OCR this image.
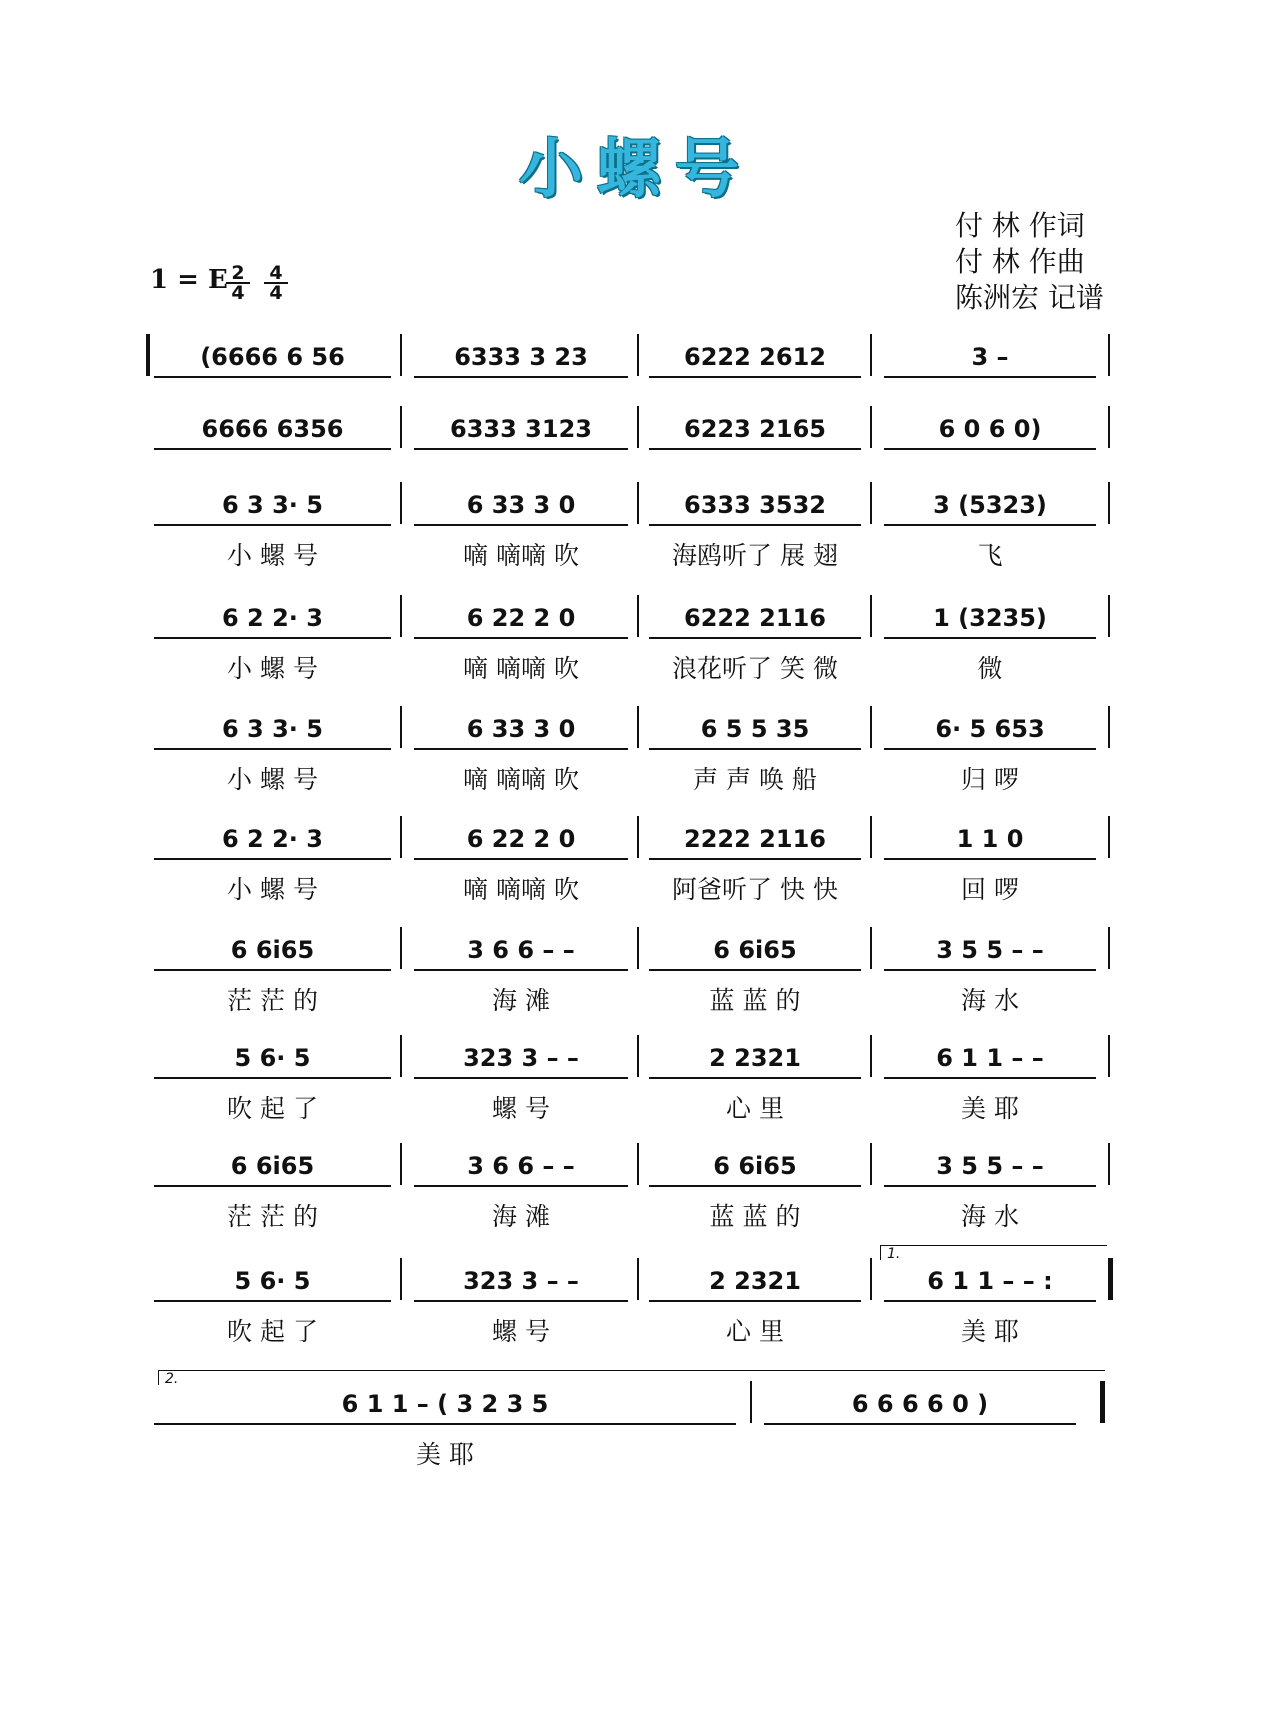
小螺号
付 林 作词
付 林 作曲
陈洲宏 记谱
1 = E 2
4
4
4
(6666 6 56	6333 3 23	6222 2612	3 –
6666 6356	6333 3123	6223 2165	6 0 6 0)
6 3 3· 5	6 33 3 0	6333 3532	3 (5323)
小 螺 号	嘀 嘀嘀 吹	海鸥听了 展 翅	飞
6 2 2· 3	6 22 2 0	6222 2116	1 (3235)
小 螺 号	嘀 嘀嘀 吹	浪花听了 笑 微	微
6 3 3· 5	6 33 3 0	6 5 5 35	6· 5 653
小 螺 号	嘀 嘀嘀 吹	声 声 唤 船	归 啰
6 2 2· 3	6 22 2 0	2222 2116	1 1 0
小 螺 号	嘀 嘀嘀 吹	阿爸听了 快 快	回 啰
6 6i65	3 6 6 – –	6 6i65	3 5 5 – –
茫 茫 的	海 滩	蓝 蓝 的	海 水
5 6· 5	323 3 – –	2 2321	6 1 1 – –
吹 起 了	螺 号	心 里	美 耶
6 6i65	3 6 6 – –	6 6i65	3 5 5 – –
茫 茫 的	海 滩	蓝 蓝 的	海 水
5 6· 5	323 3 – –	2 2321	6 1 1 – – :
吹 起 了	螺 号	心 里	美 耶
6 1 1 – ( 3 2 3 5	6 6 6 6 0 )
美 耶
1.
2.
